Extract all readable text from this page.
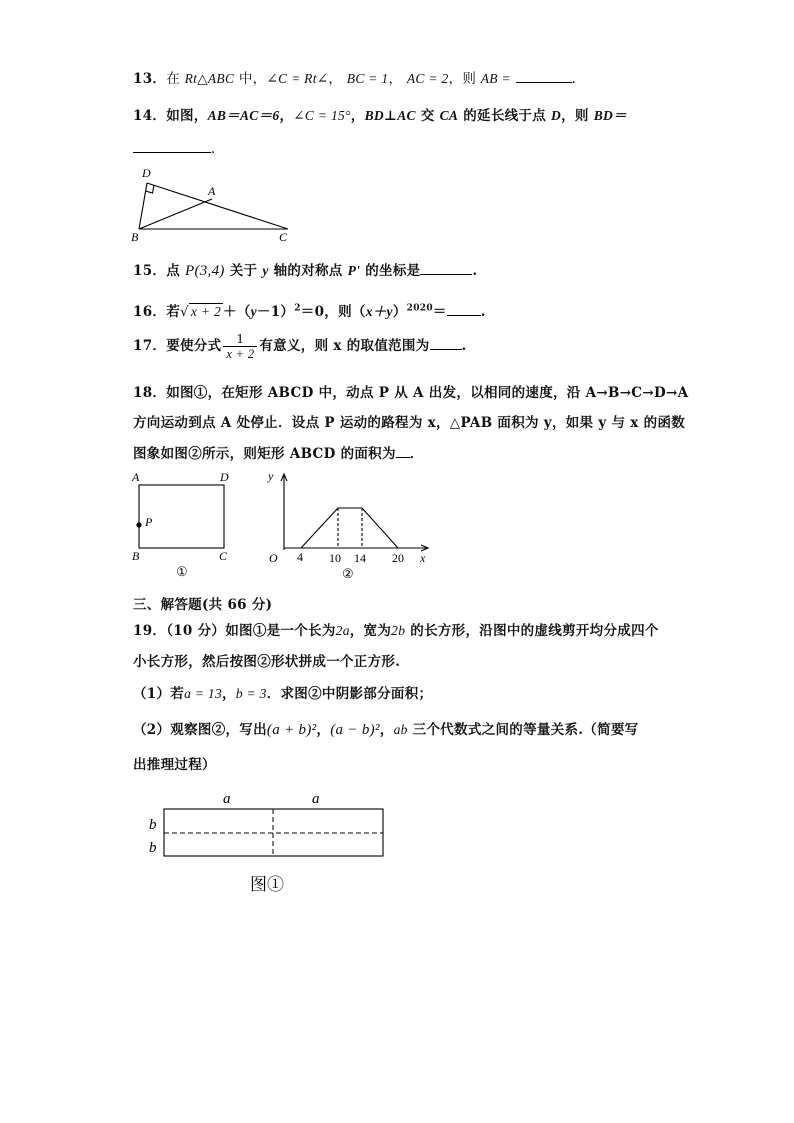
13．在 Rt△ABC 中，∠C = Rt∠， BC = 1， AC = 2，则 AB =	.
14．如图，AB＝AC＝6，∠C = 15°，BD⊥AC 交 CA 的延长线于点 D，则 BD＝
.
D
A
B	C
15．点 P(3,4) 关于 y 轴的对称点 P' 的坐标是	.
16．若√ $x + 2 +(y-1)^2=0$，则$(x+y)^{2020}=$	.
17．要使分式 $\frac{1}{x + 2}$ 有意义，则 x 的取值范围为 .
18．如图①，在矩形 ABCD 中，动点 P 从 A 出发，以相同的速度，沿 A→B→C→D→A
方向运动到点 A 处停止．设点 P 运动的路程为 x，△PAB 面积为 y，如果 y 与 x 的函数
图象如图②所示，则矩形 ABCD 的面积为 ．
A	D
P
B	C
①
y
x
O 4 10 14 20
②
三、解答题(共 66 分)
19．（10 分）如图①是一个长为2a，宽为2b 的长方形，沿图中的虚线剪开均分成四个
小长方形，然后按图②形状拼成一个正方形.
（1）若a = 13，b = 3．求图②中阴影部分面积；
（2）观察图②，写出(a + b)²，(a − b)²，ab 三个代数式之间的等量关系.（简要写
出推理过程）
a	a
b
b
图①
